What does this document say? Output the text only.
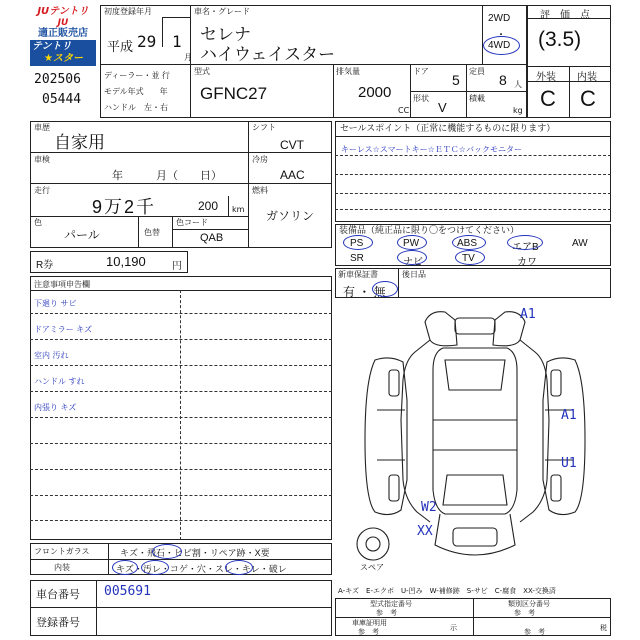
JUテントリ
JU
適正販売店
テントリ
★スター
202506
05444
初度登録年月
平成 29 1
月
ディーラー・並 行
モデル年式　　年
ハンドル　左・右
車名・グレード
セレナ
ハイウェイスター
2WD
・
4WD
型式
GFNC27
排気量
2000
CC
ドア
5
定員
8 人
形状
V
積載
kg
評　価　点
(3.5)
外装 内装
C C
車歴
自家用
車検
年　　　月（　　日）
走行
9万2千	200 km
色
パール	色替
色コード
QAB
シフト
CVT
冷房
AAC
燃料
ガソリン
R券	10,190	円
注意事項申告欄
下廻り サビ
ドアミラー キズ
室内 汚れ
ハンドル すれ
内張り キズ
セールスポイント（正常に機能するものに限ります）
キーレス☆スマートキー☆ＥＴＣ☆バックモニター
装備品（純正品に限り〇をつけてください）
PS	PW	ABS	エアB	AW
SR	ナビ	TV	カワ
新車保証書
有 ・ 無
後日品
A1
A1
U1
W2
XX
スペア
フロントガラス	キズ・飛石・ヒビ割・リペア跡・X要
内装	キズ・汚レ・コゲ・穴・スレ・キレ・破レ
車台番号 005691
登録番号
A-キズ　E-エクボ　U-凹み　W-補修跡　S-サビ　C-腐食　XX-交換済
型式指定番号
参　考
類別区分番号
参　考
車庫証明用
参　考	示	参　考	税
